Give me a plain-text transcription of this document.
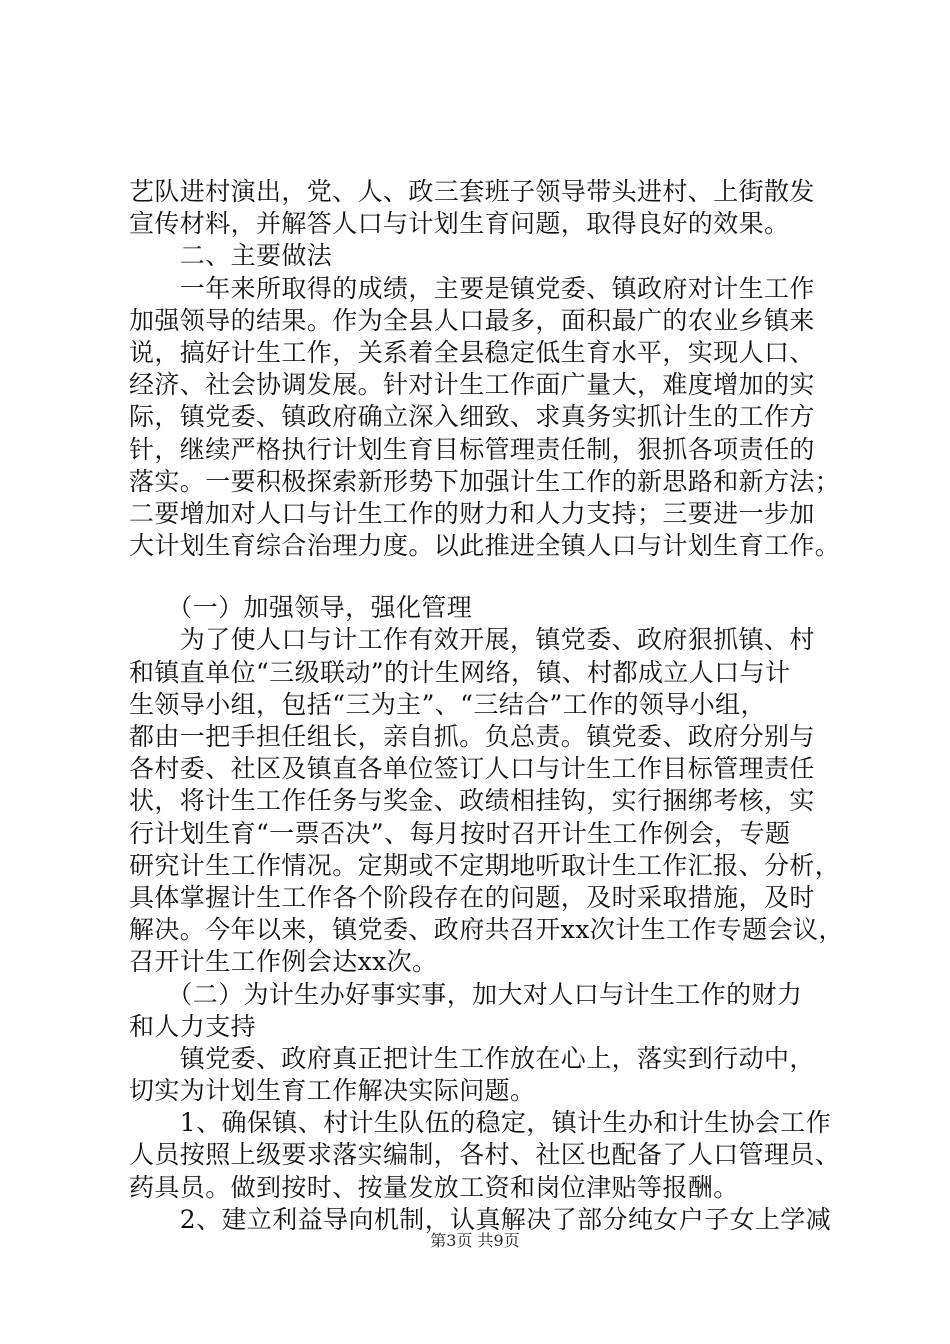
艺队进村演出，党、人、政三套班子领导带头进村、上街散发
宣传材料，并解答人口与计划生育问题，取得良好的效果。
　　二、主要做法
　　一年来所取得的成绩，主要是镇党委、镇政府对计生工作
加强领导的结果。作为全县人口最多，面积最广的农业乡镇来
说，搞好计生工作，关系着全县稳定低生育水平，实现人口、
经济、社会协调发展。针对计生工作面广量大，难度增加的实
际，镇党委、镇政府确立深入细致、求真务实抓计生的工作方
针，继续严格执行计划生育目标管理责任制，狠抓各项责任的
落实。一要积极探索新形势下加强计生工作的新思路和新方法；
二要增加对人口与计生工作的财力和人力支持；三要进一步加
大计划生育综合治理力度。以此推进全镇人口与计划生育工作。
　　（一）加强领导，强化管理
　　为了使人口与计工作有效开展，镇党委、政府狠抓镇、村
和镇直单位“三级联动”的计生网络，镇、村都成立人口与计
生领导小组，包括“三为主”、“三结合”工作的领导小组，
都由一把手担任组长，亲自抓。负总责。镇党委、政府分别与
各村委、社区及镇直各单位签订人口与计生工作目标管理责任
状，将计生工作任务与奖金、政绩相挂钩，实行捆绑考核，实
行计划生育“一票否决”、每月按时召开计生工作例会，专题
研究计生工作情况。定期或不定期地听取计生工作汇报、分析，
具体掌握计生工作各个阶段存在的问题，及时采取措施，及时
解决。今年以来，镇党委、政府共召开xx次计生工作专题会议，
召开计生工作例会达xx次。
　　（二）为计生办好事实事，加大对人口与计生工作的财力
和人力支持
　　镇党委、政府真正把计生工作放在心上，落实到行动中，
切实为计划生育工作解决实际问题。
　　1、确保镇、村计生队伍的稳定，镇计生办和计生协会工作
人员按照上级要求落实编制，各村、社区也配备了人口管理员、
药具员。做到按时、按量发放工资和岗位津贴等报酬。
　　2、建立利益导向机制，认真解决了部分纯女户子女上学减
第3页 共9页
